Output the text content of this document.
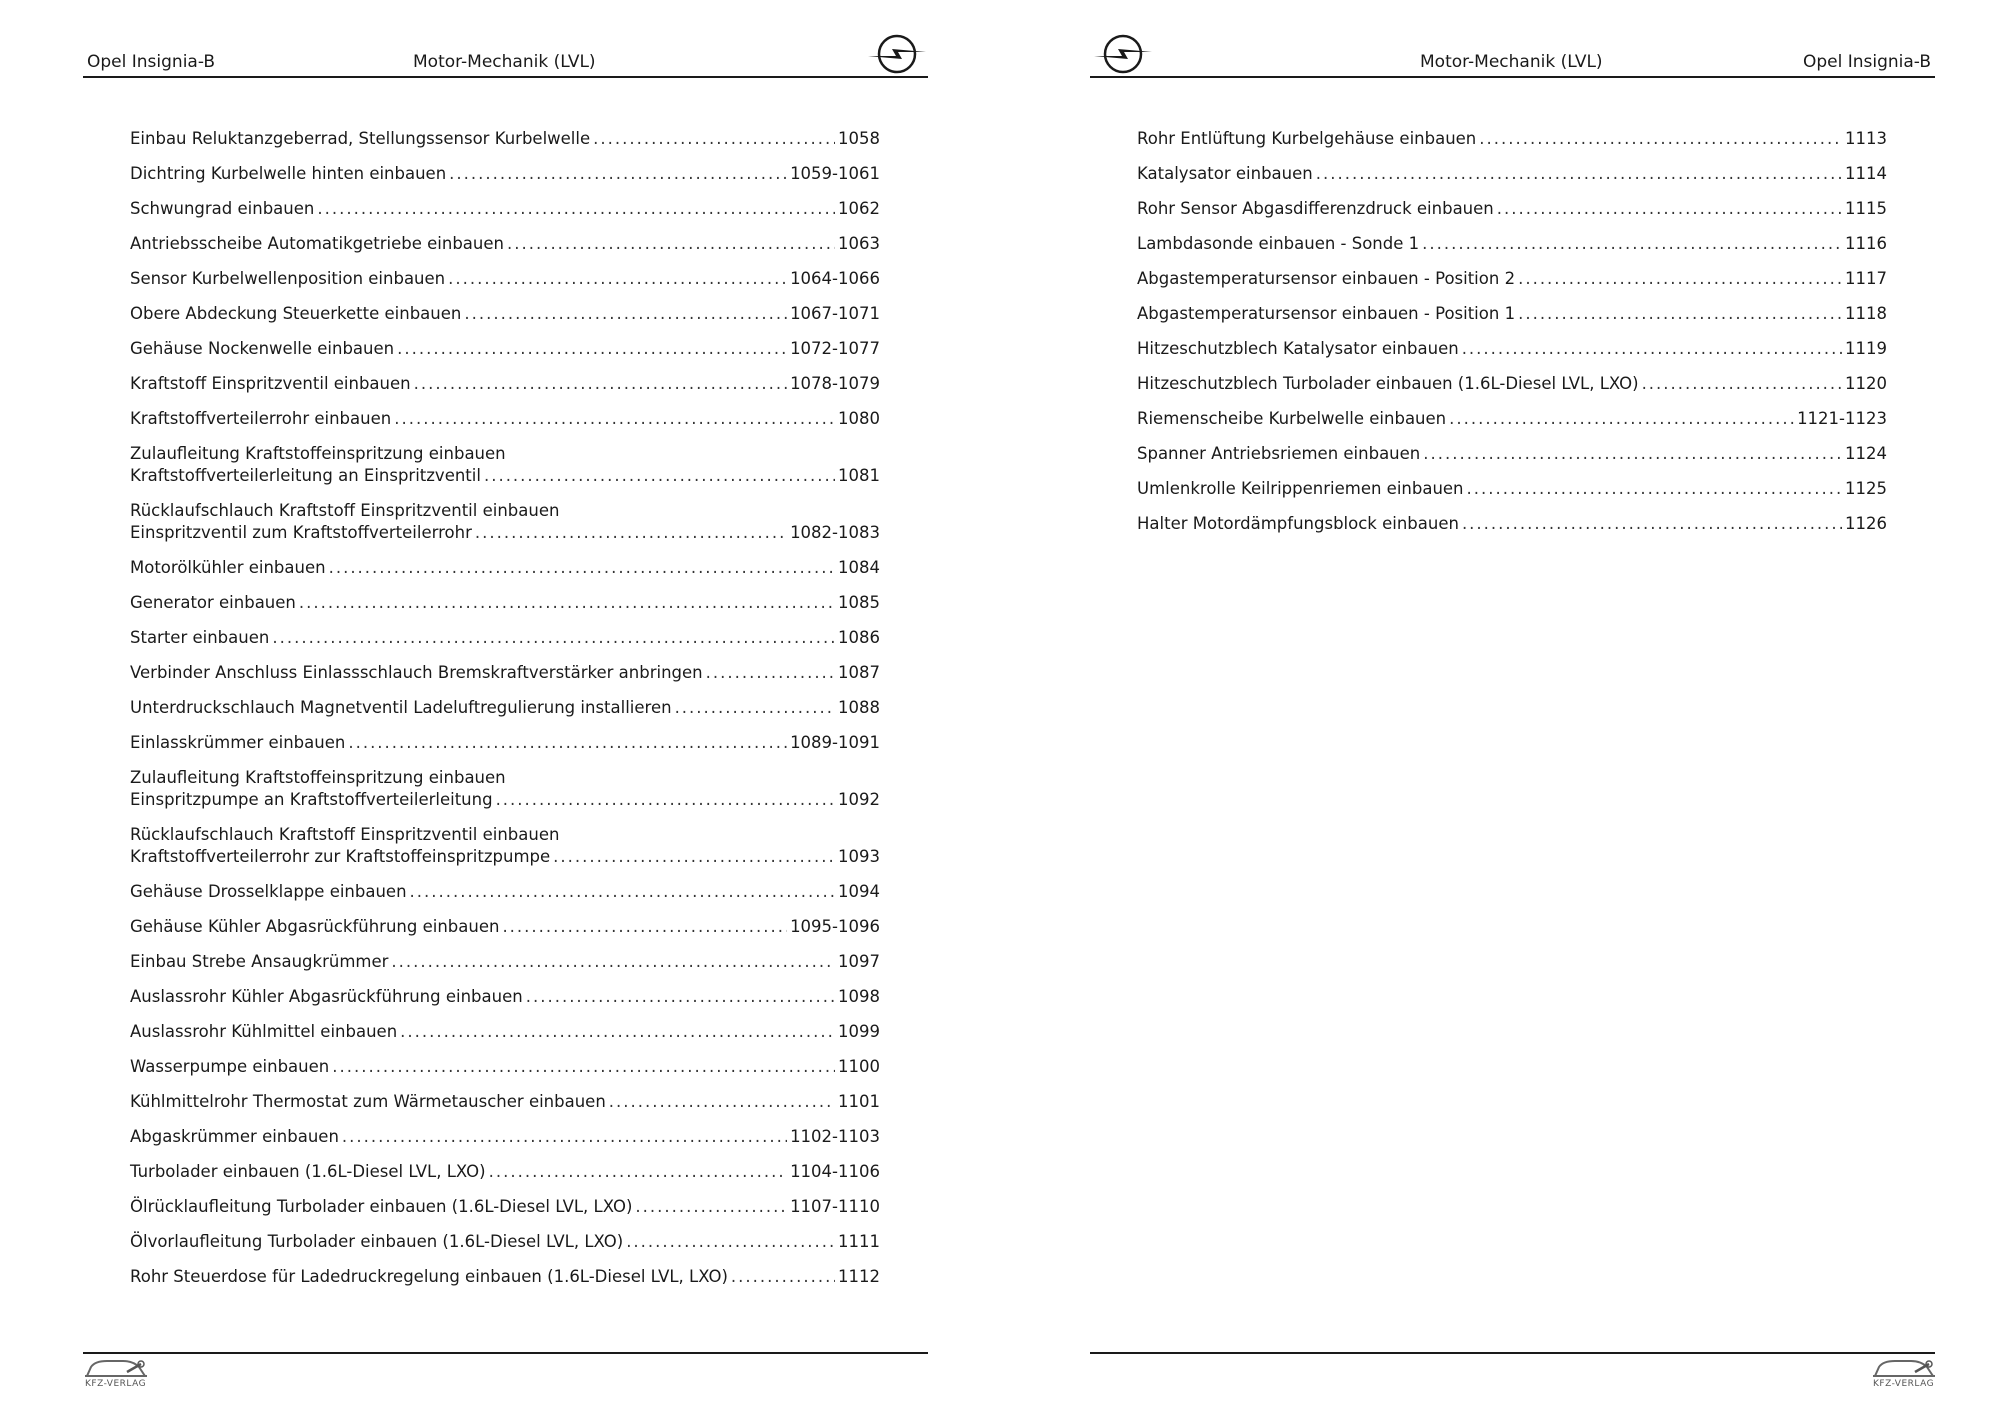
Opel Insignia-B	Motor-Mechanik (LVL)
Einbau Reluktanzgeberrad, Stellungssensor Kurbelwelle .....	1058
Dichtring Kurbelwelle hinten einbauen .....	1059-1061
Schwungrad einbauen .....	1062
Antriebsscheibe Automatikgetriebe einbauen .....	1063
Sensor Kurbelwellenposition einbauen .....	1064-1066
Obere Abdeckung Steuerkette einbauen .....	1067-1071
Gehäuse Nockenwelle einbauen .....	1072-1077
Kraftstoff Einspritzventil einbauen .....	1078-1079
Kraftstoffverteilerrohr einbauen .....	1080
Zulaufleitung Kraftstoffeinspritzung einbauen
Kraftstoffverteilerleitung an Einspritzventil .....	1081
Rücklaufschlauch Kraftstoff Einspritzventil einbauen
Einspritzventil zum Kraftstoffverteilerrohr .....	1082-1083
Motorölkühler einbauen .....	1084
Generator einbauen .....	1085
Starter einbauen .....	1086
Verbinder Anschluss Einlassschlauch Bremskraftverstärker anbringen .....	1087
Unterdruckschlauch Magnetventil Ladeluftregulierung installieren .....	1088
Einlasskrümmer einbauen .....	1089-1091
Zulaufleitung Kraftstoffeinspritzung einbauen
Einspritzpumpe an Kraftstoffverteilerleitung .....	1092
Rücklaufschlauch Kraftstoff Einspritzventil einbauen
Kraftstoffverteilerrohr zur Kraftstoffeinspritzpumpe .....	1093
Gehäuse Drosselklappe einbauen .....	1094
Gehäuse Kühler Abgasrückführung einbauen .....	1095-1096
Einbau Strebe Ansaugkrümmer .....	1097
Auslassrohr Kühler Abgasrückführung einbauen .....	1098
Auslassrohr Kühlmittel einbauen .....	1099
Wasserpumpe einbauen .....	1100
Kühlmittelrohr Thermostat zum Wärmetauscher einbauen .....	1101
Abgaskrümmer einbauen .....	1102-1103
Turbolader einbauen (1.6L-Diesel LVL, LXO) .....	1104-1106
Ölrücklaufleitung Turbolader einbauen (1.6L-Diesel LVL, LXO) .....	1107-1110
Ölvorlaufleitung Turbolader einbauen (1.6L-Diesel LVL, LXO) .....	1111
Rohr Steuerdose für Ladedruckregelung einbauen (1.6L-Diesel LVL, LXO) .....	1112
KFZ-VERLAG
Motor-Mechanik (LVL)	Opel Insignia-B
Rohr Entlüftung Kurbelgehäuse einbauen .....	1113
Katalysator einbauen .....	1114
Rohr Sensor Abgasdifferenzdruck einbauen .....	1115
Lambdasonde einbauen - Sonde 1 .....	1116
Abgastemperatursensor einbauen - Position 2 .....	1117
Abgastemperatursensor einbauen - Position 1 .....	1118
Hitzeschutzblech Katalysator einbauen .....	1119
Hitzeschutzblech Turbolader einbauen (1.6L-Diesel LVL, LXO) .....	1120
Riemenscheibe Kurbelwelle einbauen .....	1121-1123
Spanner Antriebsriemen einbauen .....	1124
Umlenkrolle Keilrippenriemen einbauen .....	1125
Halter Motordämpfungsblock einbauen .....	1126
KFZ-VERLAG
